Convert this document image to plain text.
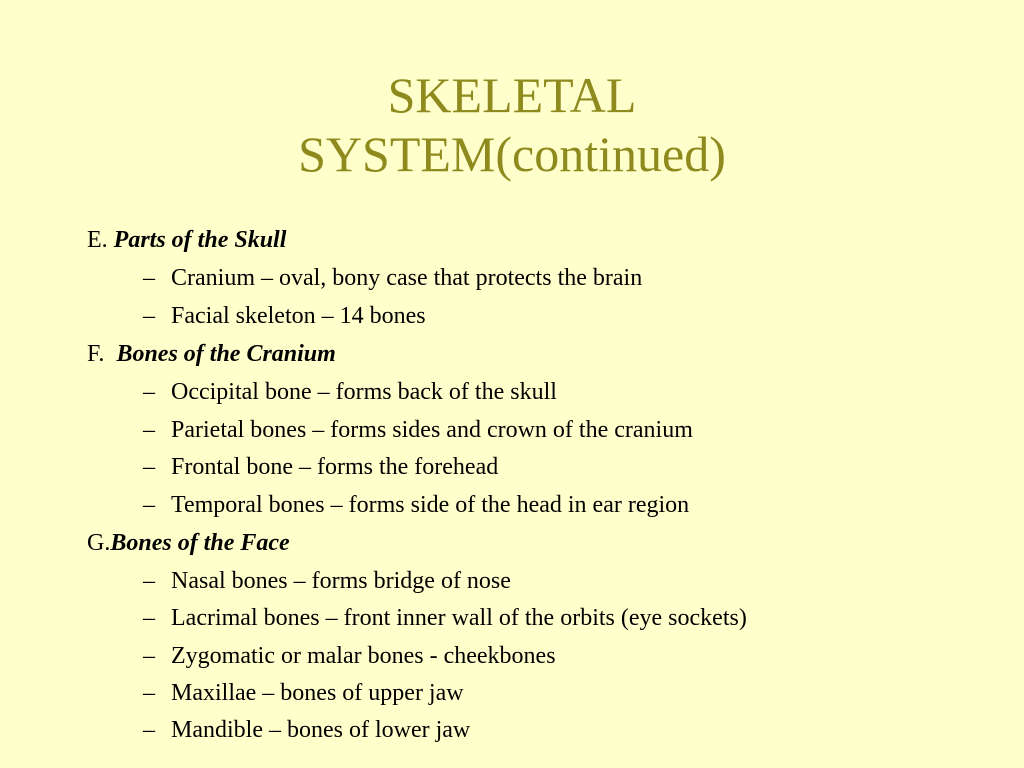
SKELETAL
SYSTEM(continued)
E. Parts of the Skull
– Cranium – oval, bony case that protects the brain
– Facial skeleton – 14 bones
F. Bones of the Cranium
– Occipital bone – forms back of the skull
– Parietal bones – forms sides and crown of the cranium
– Frontal bone – forms the forehead
– Temporal bones – forms side of the head in ear region
G.Bones of the Face
– Nasal bones – forms bridge of nose
– Lacrimal bones – front inner wall of the orbits (eye sockets)
– Zygomatic or malar bones - cheekbones
– Maxillae – bones of upper jaw
– Mandible – bones of lower jaw
